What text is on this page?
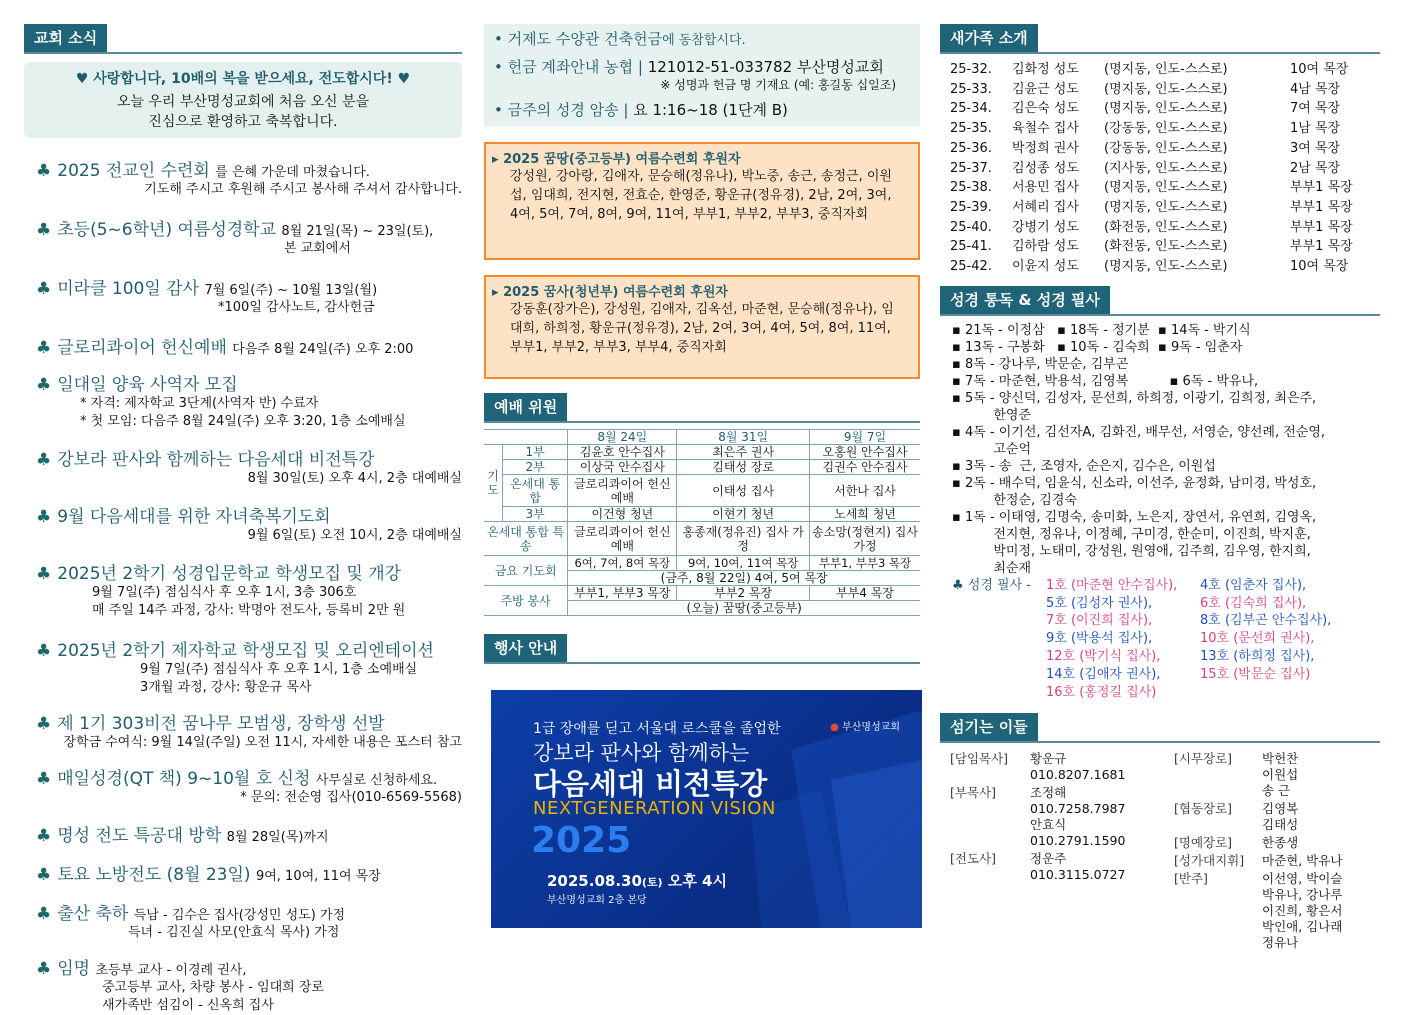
교회 소식
♥ 사랑합니다, 10배의 복을 받으세요, 전도합시다! ♥
오늘 우리 부산명성교회에 처음 오신 분을
진심으로 환영하고 축복합니다.
♣ 2025 전교인 수련회 를 은혜 가운데 마쳤습니다.
기도해 주시고 후원해 주시고 봉사해 주셔서 감사합니다.
♣ 초등(5~6학년) 여름성경학교 8월 21일(목) ~ 23일(토),
본 교회에서
♣ 미라클 100일 감사 7월 6일(주) ~ 10월 13일(월)
*100일 감사노트, 감사헌금
♣ 글로리콰이어 헌신예배 다음주 8월 24일(주) 오후 2:00
♣ 일대일 양육 사역자 모집
* 자격: 제자학교 3단계(사역자 반) 수료자
* 첫 모임: 다음주 8월 24일(주) 오후 3:20, 1층 소예배실
♣ 강보라 판사와 함께하는 다음세대 비전특강
8월 30일(토) 오후 4시, 2층 대예배실
♣ 9월 다음세대를 위한 자녀축복기도회
9월 6일(토) 오전 10시, 2층 대예배실
♣ 2025년 2학기 성경입문학교 학생모집 및 개강
9월 7일(주) 점심식사 후 오후 1시, 3층 306호
매 주일 14주 과정, 강사: 박명아 전도사, 등록비 2만 원
♣ 2025년 2학기 제자학교 학생모집 및 오리엔테이션
9월 7일(주) 점심식사 후 오후 1시, 1층 소예배실
3개월 과정, 강사: 황운규 목사
♣ 제 1기 303비전 꿈나무 모범생, 장학생 선발
장학금 수여식: 9월 14일(주일) 오전 11시, 자세한 내용은 포스터 참고
♣ 매일성경(QT 책) 9~10월 호 신청 사무실로 신청하세요.
* 문의: 전순영 집사(010-6569-5568)
♣ 명성 전도 특공대 방학 8월 28일(목)까지
♣ 토요 노방전도 (8월 23일) 9여, 10여, 11여 목장
♣ 출산 축하 득남 - 김수은 집사(강성민 성도) 가정
득녀 - 김진실 사모(안효식 목사) 가정
♣ 임명 초등부 교사 - 이경례 권사,
중고등부 교사, 차량 봉사 - 임대희 장로
새가족반 섬김이 - 신옥희 집사
• 거제도 수양관 건축헌금에 동참합시다.
• 헌금 계좌안내 농협 | 121012-51-033782 부산명성교회
※ 성명과 헌금 명 기재요 (예: 홍길동 십일조)
• 금주의 성경 암송 | 요 1:16~18 (1단계 B)
▸ 2025 꿈땅(중고등부) 여름수련회 후원자
강성원, 강아랑, 김애자, 문승해(정유나), 박노중, 송근, 송정근, 이원섭, 임대희, 전지현, 전효순, 한영준, 황운규(정유경), 2남, 2여, 3여, 4여, 5여, 7여, 8여, 9여, 11여, 부부1, 부부2, 부부3, 중직자회
▸ 2025 꿈사(청년부) 여름수련회 후원자
강동훈(장가은), 강성원, 김애자, 김옥선, 마준현, 문승해(정유나), 임대희, 하희정, 황운규(정유경), 2남, 2여, 3여, 4여, 5여, 8여, 11여, 부부1, 부부2, 부부3, 부부4, 중직자회
예배 위원
		8월 24일	8월 31일	9월 7일
기도	1부	김윤호 안수집사	최은주 권사	오홍원 안수집사
	2부	이상국 안수집사	김태성 장로	김권수 안수집사
	온세대 통합	글로리콰이어 헌신예배	이태성 집사	서한나 집사
	3부	이건형 청년	이현기 청년	노세희 청년
온세대 통합 특송		글로리콰이어 헌신예배	홍종재(정유진) 집사 가정	송소망(정현지) 집사 가정
금요 기도회		6여, 7여, 8여 목장	9여, 10여, 11여 목장	부부1, 부부3 목장
		(금주, 8월 22일) 4여, 5여 목장		
주방 봉사		부부1, 부부3 목장	부부2 목장	부부4 목장
		(오늘) 꿈땅(중고등부)		
행사 안내
● 부산명성교회
1급 장애를 딛고 서울대 로스쿨을 졸업한
강보라 판사와 함께하는
다음세대 비전특강
NEXTGENERATION VISION
2025
2025.08.30(토) 오후 4시
부산명성교회 2층 본당
새가족 소개
25-32. 김화정 성도 (명지동, 인도-스스로)	10여 목장
25-33. 김윤근 성도 (명지동, 인도-스스로)	4남 목장
25-34. 김은숙 성도 (명지동, 인도-스스로)	7여 목장
25-35. 육철수 집사 (강동동, 인도-스스로)	1남 목장
25-36. 박정희 권사 (강동동, 인도-스스로)	3여 목장
25-37. 김성종 성도 (지사동, 인도-스스로)	2남 목장
25-38. 서용민 집사 (명지동, 인도-스스로)	부부1 목장
25-39. 서혜리 집사 (명지동, 인도-스스로)	부부1 목장
25-40. 강병기 성도 (화전동, 인도-스스로)	부부1 목장
25-41. 김하람 성도 (화전동, 인도-스스로)	부부1 목장
25-42. 이윤지 성도 (명지동, 인도-스스로)	10여 목장
성경 통독 & 성경 필사
▪ 21독 - 이정삼   ▪ 18독 - 정기분  ▪ 14독 - 박기식
▪ 13독 - 구봉화   ▪ 10독 - 김숙희  ▪ 9독 - 임춘자
▪ 8독 - 강나루, 박문순, 김부곤
▪ 7독 - 마준현, 박용석, 김영복          ▪ 6독 - 박유나,
▪ 5독 - 양신덕, 김성자, 문선희, 하희정, 이광기, 김희정, 최은주,
한영준
▪ 4독 - 이기선, 김선자A, 김화진, 배무선, 서영순, 양선례, 전순영,
고순억
▪ 3독 - 송  근, 조영자, 순은지, 김수은, 이원섭
▪ 2독 - 배수덕, 임윤식, 신소라, 이선주, 윤정화, 남미경, 박성호,
한정순, 김경숙
▪ 1독 - 이태영, 김명숙, 송미화, 노은지, 장연서, 유연희, 김영옥,
전지현, 정유나, 이정혜, 구미경, 한순미, 이진희, 박지훈,
박미정, 노태미, 강성원, 원영애, 김주희, 김우영, 한지희,
최순재
♣ 성경 필사 -	1호 (마준현 안수집사),
5호 (김성자 권사),
7호 (이진희 집사),
9호 (박용석 집사),
12호 (박기식 집사),
14호 (김애자 권사),
16호 (홍정길 집사)
4호 (임춘자 집사),
6호 (김숙희 집사),
8호 (김부곤 안수집사),
10호 (문선희 권사),
13호 (하희정 집사),
15호 (박문순 집사)
섬기는 이들
[담임목사]	황운규
010.8207.1681
[부목사]	조정해
010.7258.7987
안효식
010.2791.1590
[전도사]	정운주
010.3115.0727
[시무장로]	박헌찬
이원섭
송 근
[협동장로]	김영복
김태성
[명예장로]	한종생
[성가대지휘]	마준현, 박유나
[반주]	이선영, 박이슬
박유나, 강나루
이진희, 황은서
박인애, 김나래
정유나
